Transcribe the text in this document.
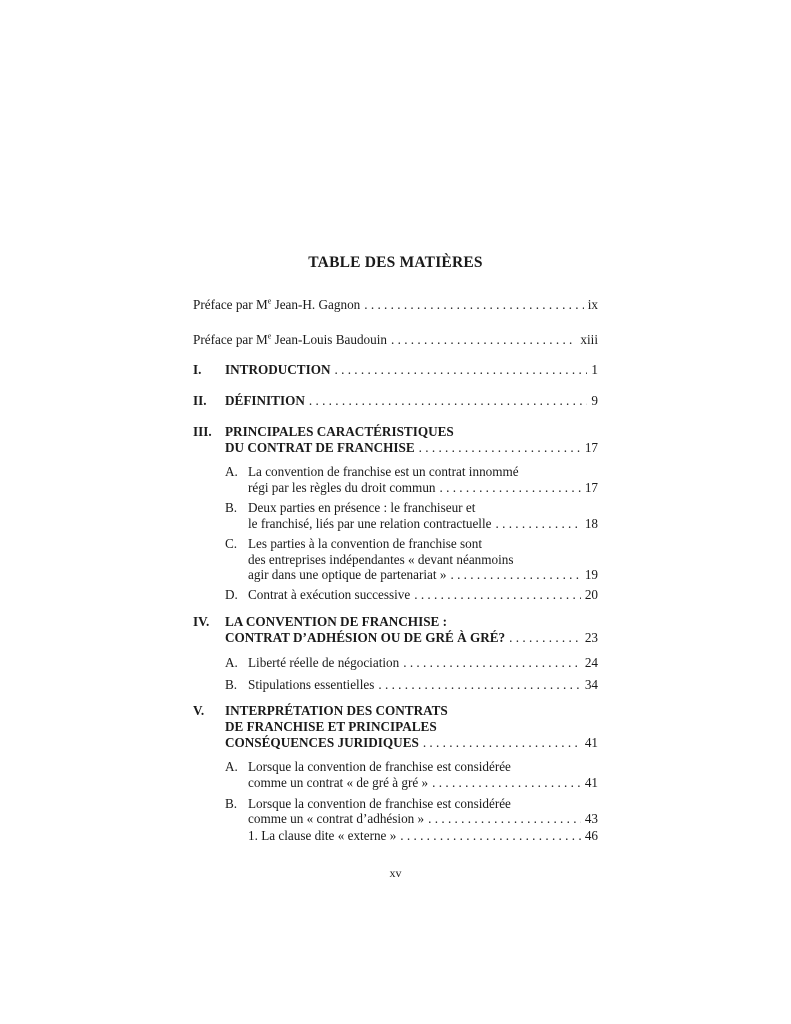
TABLE DES MATIÈRES
Préface par Me Jean-H. Gagnon . . .	ix
Préface par Me Jean-Louis Baudouin . . .	xiii
I. INTRODUCTION . . .	1
II. DÉFINITION . . .	9
III. PRINCIPALES CARACTÉRISTIQUES
DU CONTRAT DE FRANCHISE . . .	17
A. La convention de franchise est un contrat innommé
régi par les règles du droit commun . . .	17
B. Deux parties en présence : le franchiseur et
le franchisé, liés par une relation contractuelle . . .	18
C. Les parties à la convention de franchise sont
des entreprises indépendantes « devant néanmoins
agir dans une optique de partenariat » . . .	19
D. Contrat à exécution successive . . .	20
IV. LA CONVENTION DE FRANCHISE :
CONTRAT D’ADHÉSION OU DE GRÉ À GRÉ? . . .	23
A. Liberté réelle de négociation . . .	24
B. Stipulations essentielles . . .	34
V. INTERPRÉTATION DES CONTRATS
DE FRANCHISE ET PRINCIPALES
CONSÉQUENCES JURIDIQUES . . .	41
A. Lorsque la convention de franchise est considérée
comme un contrat « de gré à gré » . . .	41
B. Lorsque la convention de franchise est considérée
comme un « contrat d’adhésion » . . .	43
1. La clause dite « externe » . . .	46
xv
